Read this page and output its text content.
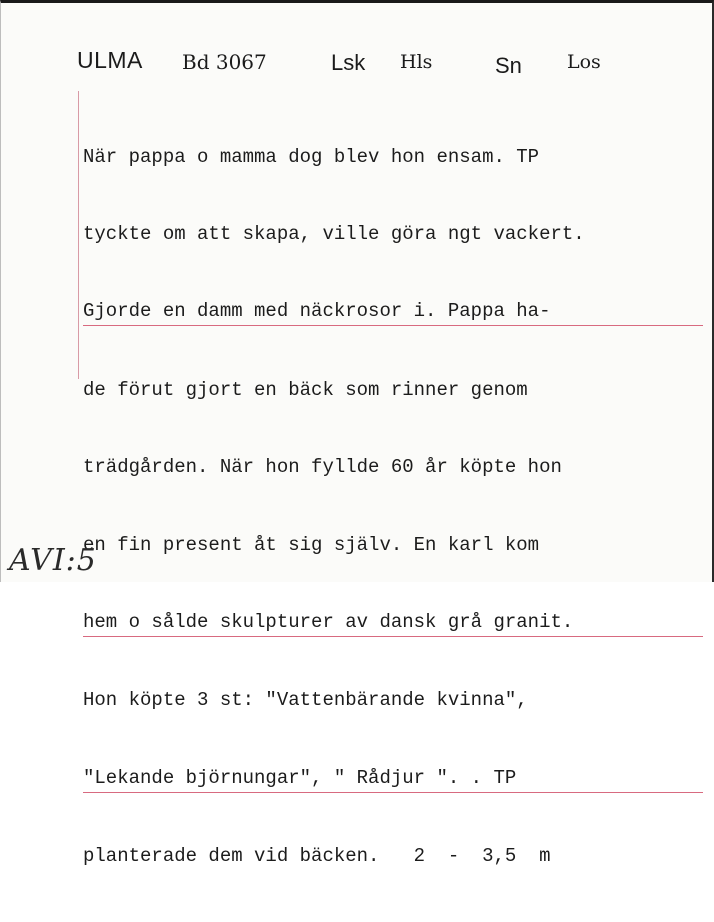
ULMA Bd 3067	Lsk Hls	Sn Los

När pappa o mamma dog blev hon ensam. TP

tyckte om att skapa, ville göra ngt vackert.

Gjorde en damm med näckrosor i. Pappa ha-

de förut gjort en bäck som rinner genom

trädgården. När hon fyllde 60 år köpte hon

en fin present åt sig själv. En karl kom

hem o sålde skulpturer av dansk grå granit.

Hon köpte 3 st: "Vattenbärande kvinna",

"Lekande björnungar", " Rådjur ". . TP

planterade dem vid bäcken.   2  -  3,5  m

AVI:5
